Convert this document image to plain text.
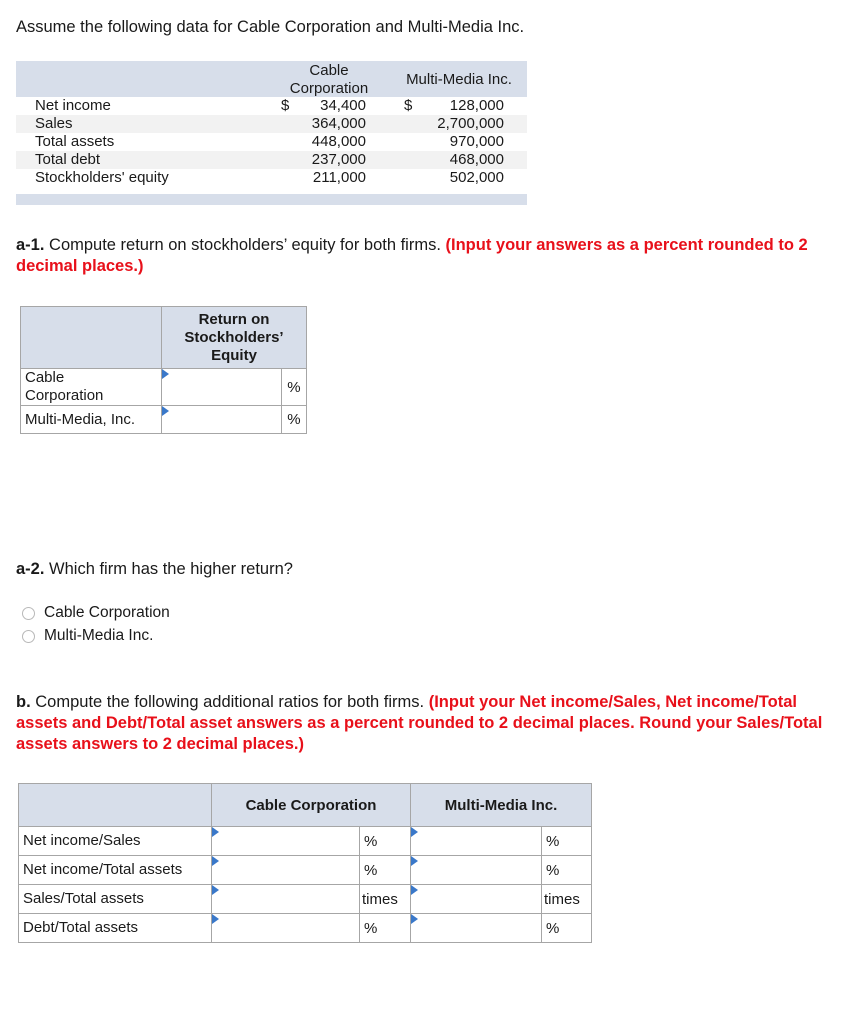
Assume the following data for Cable Corporation and Multi-Media Inc.
Cable
Corporation
Multi-Media Inc.
Net income	$	34,400	$	128,000
Sales	364,000	2,700,000
Total assets	448,000	970,000
Total debt	237,000	468,000
Stockholders' equity	211,000	502,000
a-1. Compute return on stockholders’ equity for both firms. (Input your answers as a percent rounded to 2 decimal places.)

	Return on
Stockholders’
Equity	

Cable
Corporation		%
Multi-Media, Inc.		%
a-2. Which firm has the higher return?
Cable Corporation
Multi-Media Inc.
b. Compute the following additional ratios for both firms. (Input your Net income/Sales, Net income/Total assets and Debt/Total asset answers as a percent rounded to 2 decimal places. Round your Sales/Total assets answers to 2 decimal places.)
	Cable Corporation		Multi-Media Inc.	
Net income/Sales		%		%
Net income/Total assets		%		%
Sales/Total assets		times		times
Debt/Total assets		%		%
